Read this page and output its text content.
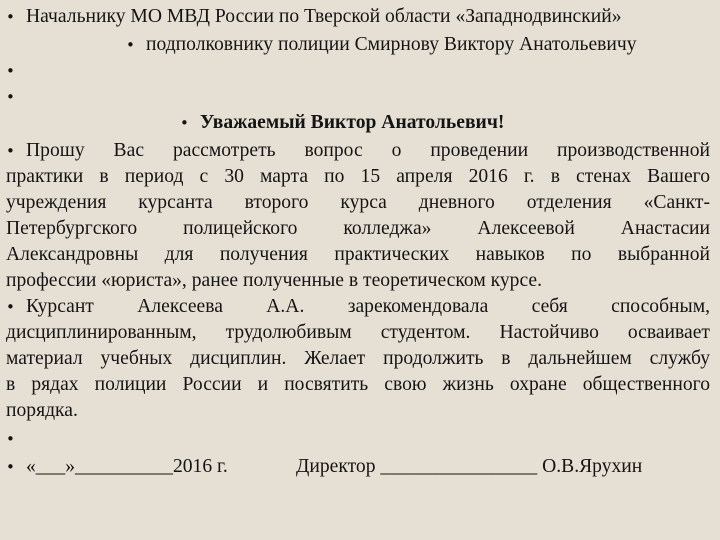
• Начальнику МО МВД России по Тверской области «Западнодвинский»
• подполковнику полиции Смирнову Виктору Анатольевичу
•
•
• Уважаемый Виктор Анатольевич!
• Прошу Вас рассмотреть вопрос о проведении производственной
практики в период с 30 марта по 15 апреля 2016 г. в стенах Вашего
учреждения курсанта второго курса дневного отделения «Санкт-
Петербургского полицейского колледжа» Алексеевой Анастасии
Александровны для получения практических навыков по выбранной
профессии «юриста», ранее полученные в теоретическом курсе.
• Курсант Алексеева А.А. зарекомендовала себя способным,
дисциплинированным, трудолюбивым студентом. Настойчиво осваивает
материал учебных дисциплин. Желает продолжить в дальнейшем службу
в рядах полиции России и посвятить свою жизнь охране общественного
порядка.
•
• «___»__________2016 г.	Директор ________________ О.В.Ярухин
